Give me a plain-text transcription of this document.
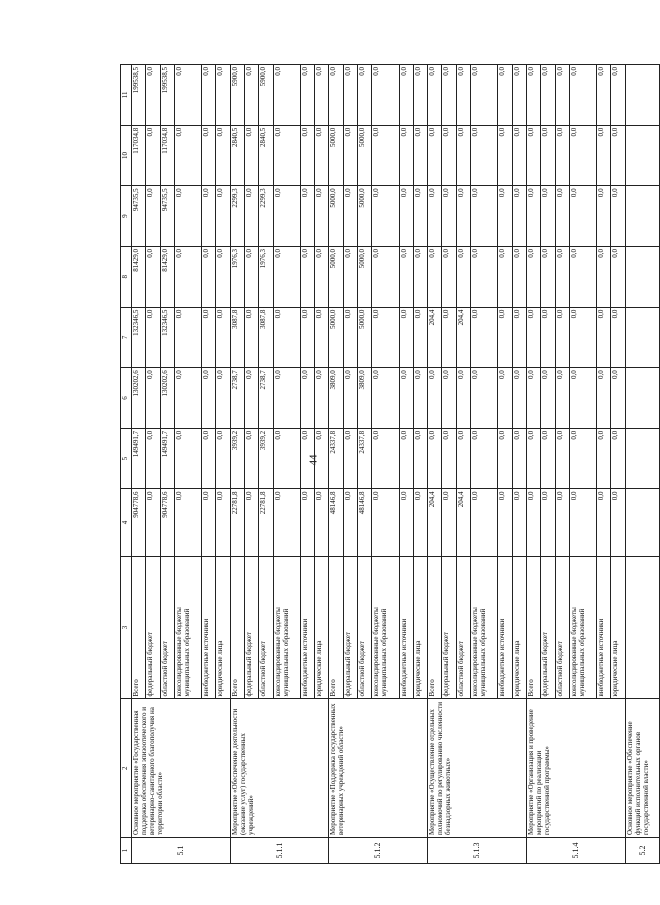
44
1	2	3	4	5	6	7	8	9	10	11
5.1	Основное мероприятие «Государственная поддержка обеспечения эпизоотического и ветеринарно-санитарного благополучия на территории области»	Всего	904778,6	149491,7	130202,6	132346,5	81429,0	94735,5	117034,8	199538,5
		федеральный бюджет	0,0	0,0	0,0	0,0	0,0	0,0	0,0	0,0
		областной бюджет	904778,6	149491,7	130202,6	132346,5	81429,0	94735,5	117034,8	199538,5
		консолидированные бюджеты муниципальных образований	0,0	0,0	0,0	0,0	0,0	0,0	0,0	0,0
		внебюджетные источники	0,0	0,0	0,0	0,0	0,0	0,0	0,0	0,0
		юридические лица	0,0	0,0	0,0	0,0	0,0	0,0	0,0	0,0
5.1.1	Мероприятие «Обеспечение деятельности (оказание услуг) государственных учреждений»	Всего	22781,8	3939,2	2738,7	3087,8	1976,3	2299,3	2840,5	5900,0
		федеральный бюджет	0,0	0,0	0,0	0,0	0,0	0,0	0,0	0,0
		областной бюджет	22781,8	3939,2	2738,7	3087,8	1976,3	2299,3	2840,5	5900,0
		консолидированные бюджеты муниципальных образований	0,0	0,0	0,0	0,0	0,0	0,0	0,0	0,0
		внебюджетные источники	0,0	0,0	0,0	0,0	0,0	0,0	0,0	0,0
		юридические лица	0,0	0,0	0,0	0,0	0,0	0,0	0,0	0,0
5.1.2	Мероприятие «Поддержка государственных ветеринарных учреждений области»	Всего	48146,8	24337,8	3809,0	5000,0	5000,0	5000,0	5000,0	0,0
		федеральный бюджет	0,0	0,0	0,0	0,0	0,0	0,0	0,0	0,0
		областной бюджет	48146,8	24337,8	3809,0	5000,0	5000,0	5000,0	5000,0	0,0
		консолидированные бюджеты муниципальных образований	0,0	0,0	0,0	0,0	0,0	0,0	0,0	0,0
		внебюджетные источники	0,0	0,0	0,0	0,0	0,0	0,0	0,0	0,0
		юридические лица	0,0	0,0	0,0	0,0	0,0	0,0	0,0	0,0
5.1.3	Мероприятие «Осуществление отдельных полномочий по регулированию численности безнадзорных животных»	Всего	204,4	0,0	0,0	204,4	0,0	0,0	0,0	0,0
		федеральный бюджет	0,0	0,0	0,0	0,0	0,0	0,0	0,0	0,0
		областной бюджет	204,4	0,0	0,0	204,4	0,0	0,0	0,0	0,0
		консолидированные бюджеты муниципальных образований	0,0	0,0	0,0	0,0	0,0	0,0	0,0	0,0
		внебюджетные источники	0,0	0,0	0,0	0,0	0,0	0,0	0,0	0,0
		юридические лица	0,0	0,0	0,0	0,0	0,0	0,0	0,0	0,0
5.1.4	Мероприятие «Организация и проведение мероприятий по реализации государственной программы»	Всего	0,0	0,0	0,0	0,0	0,0	0,0	0,0	0,0
		федеральный бюджет	0,0	0,0	0,0	0,0	0,0	0,0	0,0	0,0
		областной бюджет	0,0	0,0	0,0	0,0	0,0	0,0	0,0	0,0
		консолидированные бюджеты муниципальных образований	0,0	0,0	0,0	0,0	0,0	0,0	0,0	0,0
		внебюджетные источники	0,0	0,0	0,0	0,0	0,0	0,0	0,0	0,0
		юридические лица	0,0	0,0	0,0	0,0	0,0	0,0	0,0	0,0
5.2	Основное мероприятие «Обеспечение функций исполнительных органов государственной власти»									
